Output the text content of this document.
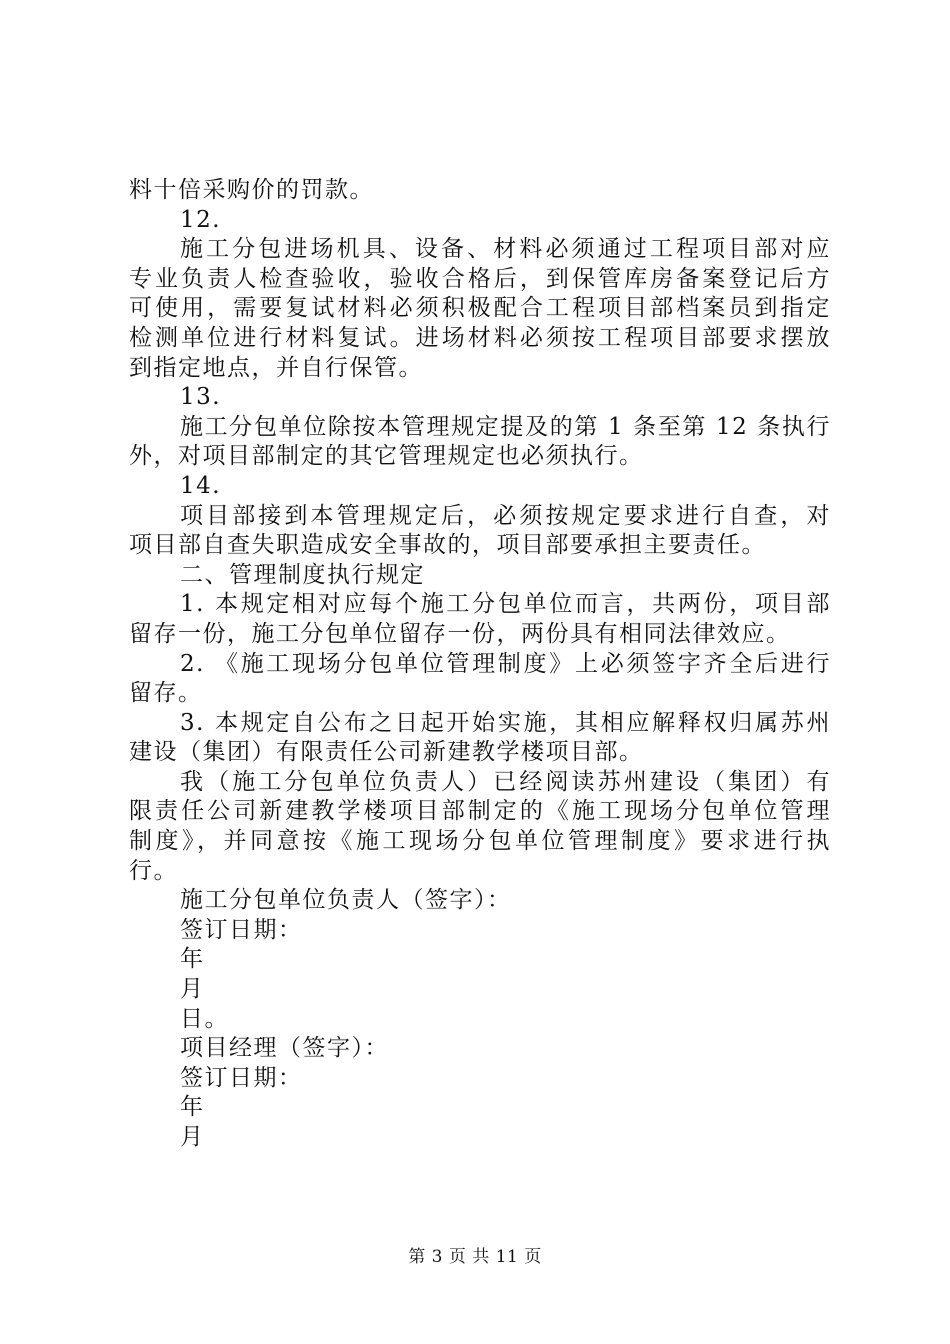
料十倍采购价的罚款。
12.
施工分包进场机具、设备、材料必须通过工程项目部对应
专业负责人检查验收，验收合格后，到保管库房备案登记后方
可使用，需要复试材料必须积极配合工程项目部档案员到指定
检测单位进行材料复试。进场材料必须按工程项目部要求摆放
到指定地点，并自行保管。
13.
施工分包单位除按本管理规定提及的第 1 条至第 12 条执行
外，对项目部制定的其它管理规定也必须执行。
14.
项目部接到本管理规定后，必须按规定要求进行自查，对
项目部自查失职造成安全事故的，项目部要承担主要责任。
二、管理制度执行规定
1. 本规定相对应每个施工分包单位而言，共两份，项目部
留存一份，施工分包单位留存一份，两份具有相同法律效应。
2. 《施工现场分包单位管理制度》上必须签字齐全后进行
留存。
3. 本规定自公布之日起开始实施，其相应解释权归属苏州
建设（集团）有限责任公司新建教学楼项目部。
我（施工分包单位负责人）已经阅读苏州建设（集团）有
限责任公司新建教学楼项目部制定的《施工现场分包单位管理
制度》，并同意按《施工现场分包单位管理制度》要求进行执
行。
施工分包单位负责人（签字）：
签订日期：
年
月
日。
项目经理（签字）：
签订日期：
年
月
第 3 页 共 11 页
